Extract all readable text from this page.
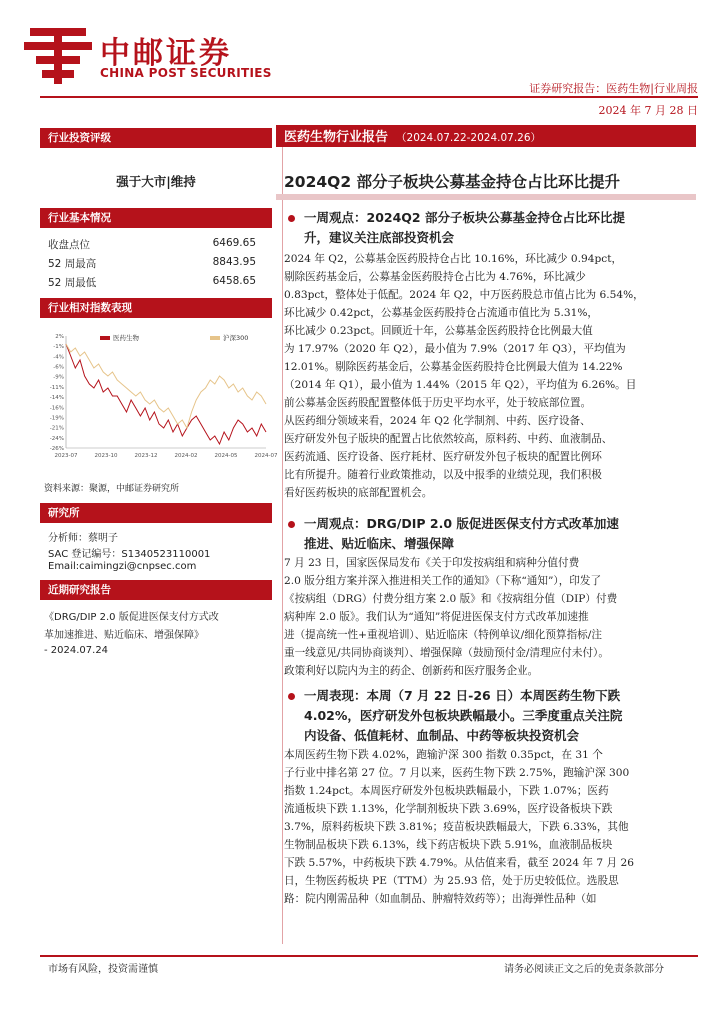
中邮证券
CHINA POST SECURITIES
证券研究报告：医药生物|行业周报
2024 年 7 月 28 日
行业投资评级
强于大市|维持
行业基本情况
收盘点位	6469.65
52 周最高	8843.95
52 周最低	6458.65
行业相对指数表现
2%
-1%
-4%
-6%
-9%
-11%
-14%
-16%
-19%
-21%
-24%
-26%
2023-07	2023-10	2023-12	2024-02	2024-05	2024-07
医药生物	沪深300
资料来源：聚源，中邮证券研究所
研究所
分析师：蔡明子
SAC 登记编号：S1340523110001
Email:caimingzi@cnpsec.com
近期研究报告
《DRG/DIP 2.0 版促进医保支付方式改
革加速推进、贴近临床、增强保障》
- 2024.07.24
医药生物行业报告 （2024.07.22-2024.07.26）
2024Q2 部分子板块公募基金持仓占比环比提升
一周观点：2024Q2 部分子板块公募基金持仓占比环比提
升，建议关注底部投资机会
2024 年 Q2，公募基金医药股持仓占比 10.16%，环比减少 0.94pct，
剔除医药基金后，公募基金医药股持仓占比为 4.76%，环比减少
0.83pct，整体处于低配。2024 年 Q2，中万医药股总市值占比为 6.54%，
环比减少 0.42pct，公募基金医药股持仓占流通市值比为 5.31%，
环比减少 0.23pct。回顾近十年，公募基金医药股持仓比例最大值
为 17.97%（2020 年 Q2），最小值为 7.9%（2017 年 Q3），平均值为
12.01%。剔除医药基金后，公募基金医药股持仓比例最大值为 14.22%
（2014 年 Q1），最小值为 1.44%（2015 年 Q2），平均值为 6.26%。目
前公募基金医药股配置整体低于历史平均水平，处于较底部位置。
从医药细分领域来看，2024 年 Q2 化学制剂、中药、医疗设备、
医疗研发外包子版块的配置占比依然较高，原料药、中药、血液制品、
医药流通、医疗设备、医疗耗材、医疗研发外包子板块的配置比例环
比有所提升。随着行业政策推动，以及中报季的业绩兑现，我们积极
看好医药板块的底部配置机会。
一周观点：DRG/DIP 2.0 版促进医保支付方式改革加速
推进、贴近临床、增强保障
7 月 23 日，国家医保局发布《关于印发按病组和病种分值付费
2.0 版分组方案并深入推进相关工作的通知》（下称“通知”），印发了
《按病组（DRG）付费分组方案 2.0 版》和《按病组分值（DIP）付费
病种库 2.0 版》。我们认为“通知”将促进医保支付方式改革加速推
进（提高统一性+重视培训）、贴近临床（特例单议/细化预算指标/注
重一线意见/共同协商谈判）、增强保障（鼓励预付金/清理应付未付）。
政策利好以院内为主的药企、创新药和医疗服务企业。
一周表现：本周（7 月 22 日-26 日）本周医药生物下跌
4.02%，医疗研发外包板块跌幅最小。三季度重点关注院
内设备、低值耗材、血制品、中药等板块投资机会
本周医药生物下跌 4.02%，跑输沪深 300 指数 0.35pct，在 31 个
子行业中排名第 27 位。7 月以来，医药生物下跌 2.75%，跑输沪深 300
指数 1.24pct。本周医疗研发外包板块跌幅最小，下跌 1.07%；医药
流通板块下跌 1.13%，化学制剂板块下跌 3.69%，医疗设备板块下跌
3.7%，原料药板块下跌 3.81%；疫苗板块跌幅最大，下跌 6.33%，其他
生物制品板块下跌 6.13%，线下药店板块下跌 5.91%，血液制品板块
下跌 5.57%，中药板块下跌 4.79%。从估值来看，截至 2024 年 7 月 26
日，生物医药板块 PE（TTM）为 25.93 倍，处于历史较低位。选股思
路：院内刚需品种（如血制品、肿瘤特效药等）；出海弹性品种（如
市场有风险，投资需谨慎	请务必阅读正文之后的免责条款部分
